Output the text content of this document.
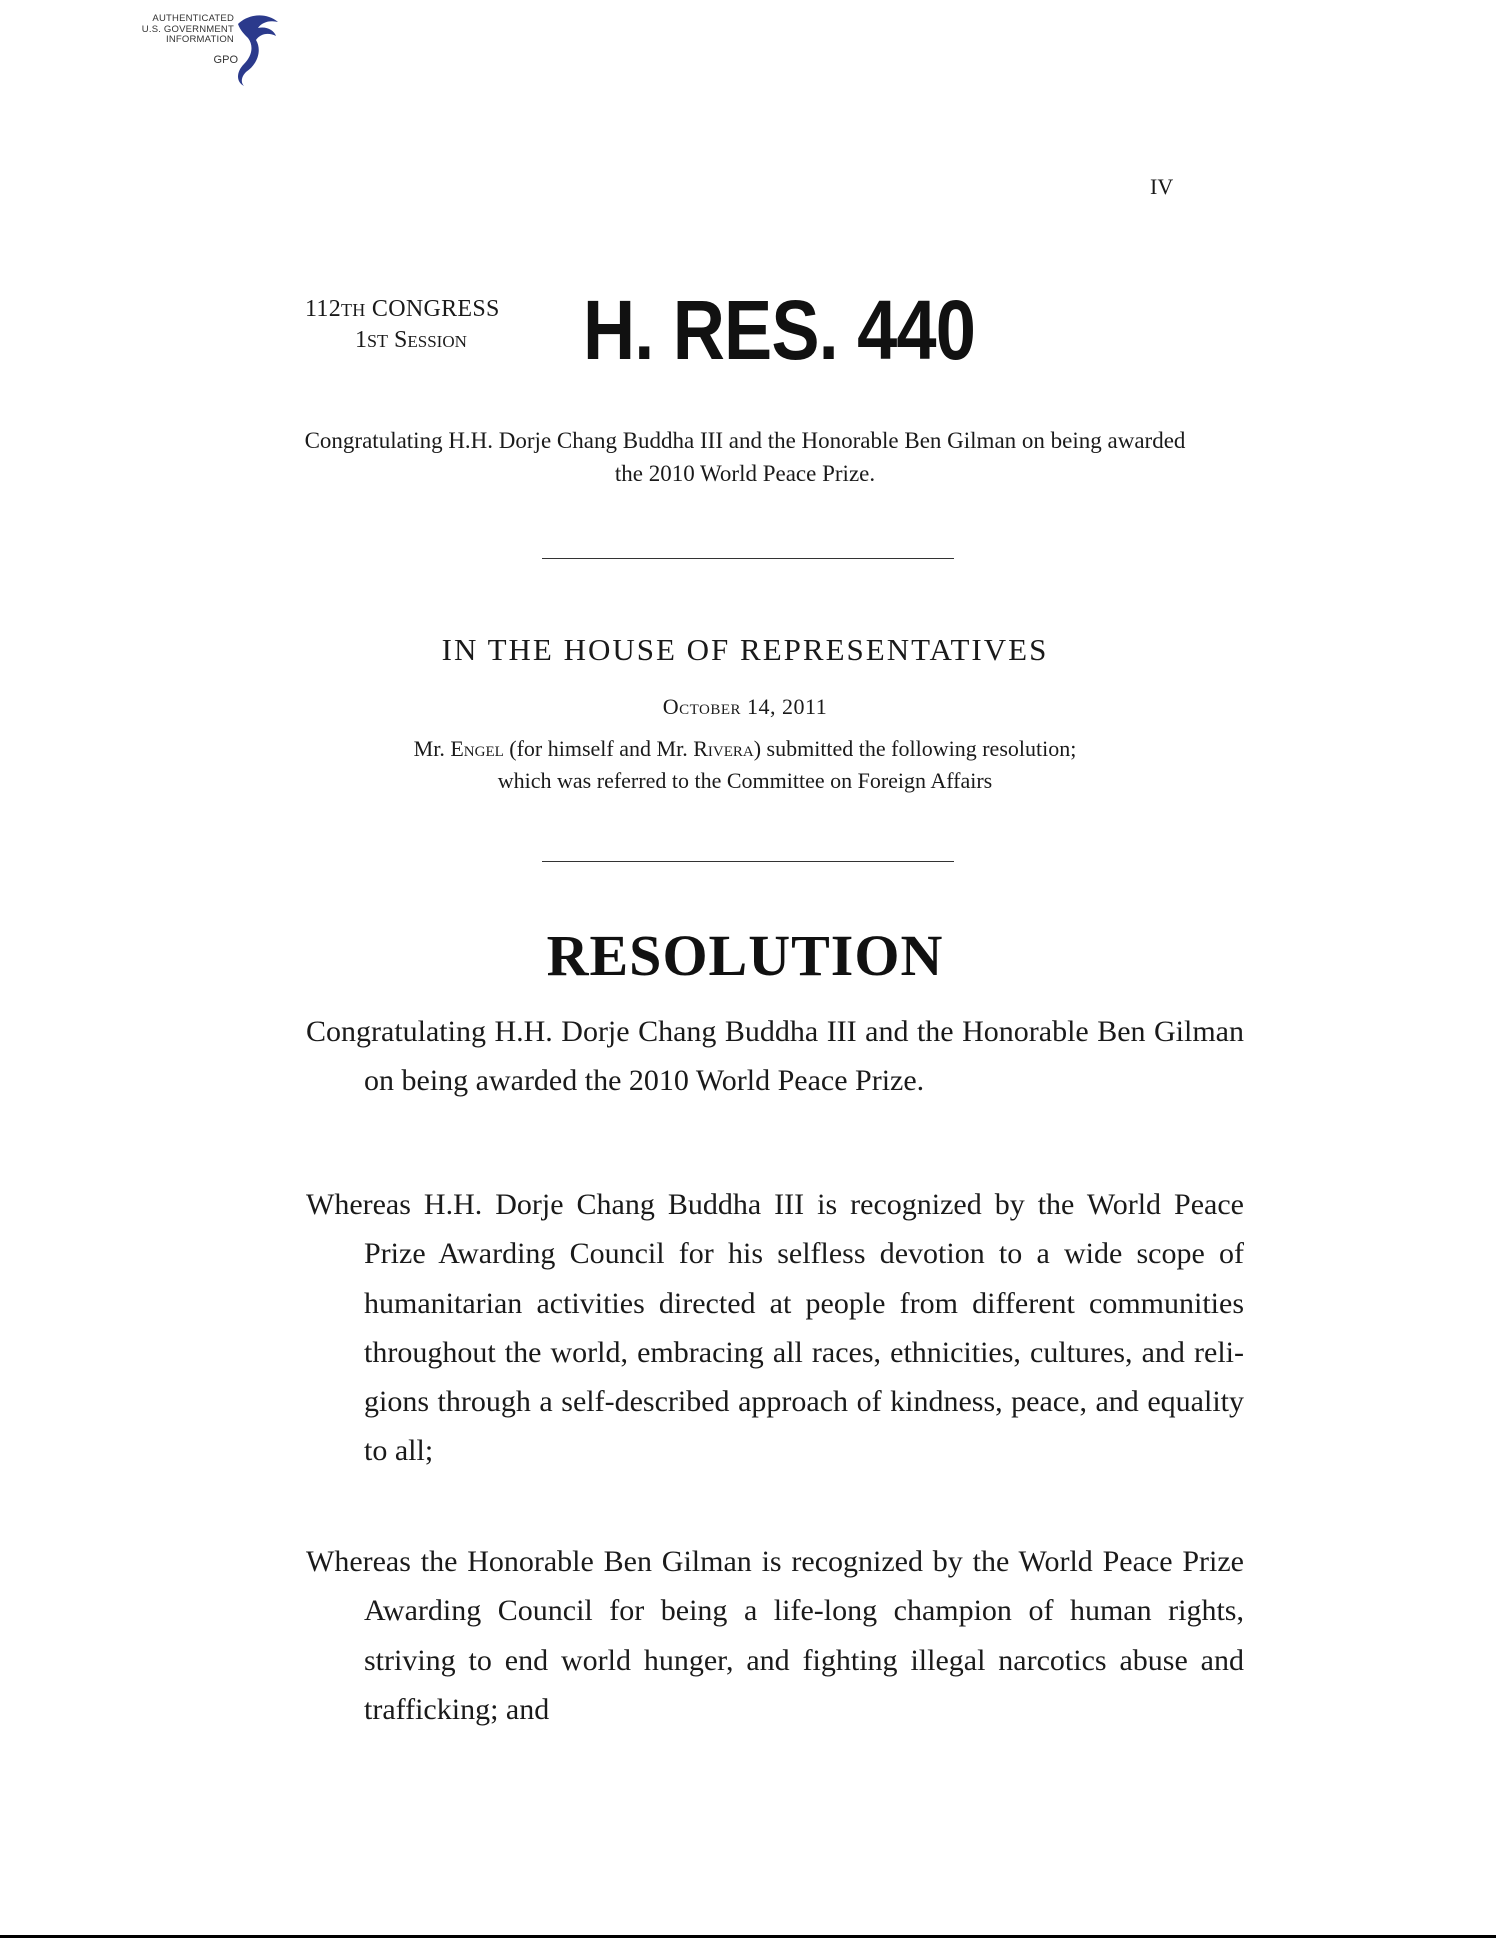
AUTHENTICATED
U.S. GOVERNMENT
INFORMATION
GPO
IV
112TH CONGRESS
1ST Session	H. RES. 440
Congratulating H.H. Dorje Chang Buddha III and the Honorable Ben Gilman on being awarded the 2010 World Peace Prize.
IN THE HOUSE OF REPRESENTATIVES
October 14, 2011
Mr. Engel (for himself and Mr. Rivera) submitted the following resolution;
which was referred to the Committee on Foreign Affairs
RESOLUTION
Congratulating H.H. Dorje Chang Buddha III and the Honorable Ben Gilman on being awarded the 2010 World Peace Prize.
Whereas H.H. Dorje Chang Buddha III is recognized by the World Peace Prize Awarding Council for his selfless devotion to a wide scope of humanitarian activities directed at people from different communities throughout the world, embracing all races, ethnicities, cultures, and religions through a self-described approach of kindness, peace, and equality to all;
Whereas the Honorable Ben Gilman is recognized by the World Peace Prize Awarding Council for being a life-long champion of human rights, striving to end world hunger, and fighting illegal narcotics abuse and trafficking; and
